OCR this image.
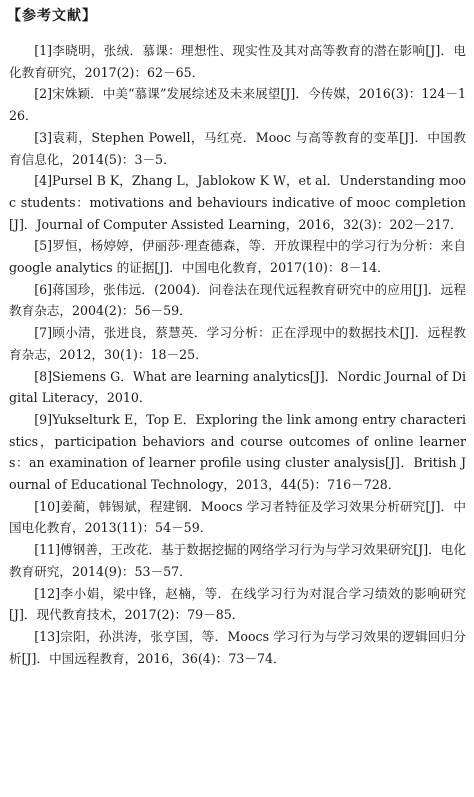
【参考文献】
[1]李晓明，张绒．慕课：理想性、现实性及其对高等教育的潜在影响[J]．电化教育研究，2017(2)：62－65．
[2]宋姝颖．中美“慕课”发展综述及未来展望[J]．今传媒，2016(3)：124－126．
[3]袁莉，Stephen Powell，马红亮．Mooc 与高等教育的变革[J]．中国教育信息化，2014(5)：3－5．
[4]Pursel B K，Zhang L，Jablokow K W，et al．Understanding mooc students：motivations and behaviours indicative of mooc completion[J]．Journal of Computer Assisted Learning，2016，32(3)：202－217．
[5]罗恒，杨婷婷，伊丽莎·理查德森，等．开放课程中的学习行为分析：来自 google analytics 的证据[J]．中国电化教育，2017(10)：8－14．
[6]蒋国珍，张伟远．(2004)．问卷法在现代远程教育研究中的应用[J]．远程教育杂志，2004(2)：56－59．
[7]顾小清，张进良，蔡慧英．学习分析：正在浮现中的数据技术[J]．远程教育杂志，2012，30(1)：18－25．
[8]Siemens G．What are learning analytics[J]．Nordic Journal of Digital Literacy，2010．
[9]Yukselturk E，Top E．Exploring the link among entry characteristics，participation behaviors and course outcomes of online learners：an examination of learner profile using cluster analysis[J]．British Journal of Educational Technology，2013，44(5)：716－728．
[10]姜蔺，韩锡斌，程建钢．Moocs 学习者特征及学习效果分析研究[J]．中国电化教育，2013(11)：54－59．
[11]傅钢善，王改花．基于数据挖掘的网络学习行为与学习效果研究[J]．电化教育研究，2014(9)：53－57．
[12]李小娟，梁中锋，赵楠，等．在线学习行为对混合学习绩效的影响研究[J]．现代教育技术，2017(2)：79－85．
[13]宗阳，孙洪涛，张亨国，等．Moocs 学习行为与学习效果的逻辑回归分析[J]．中国远程教育，2016，36(4)：73－74．
